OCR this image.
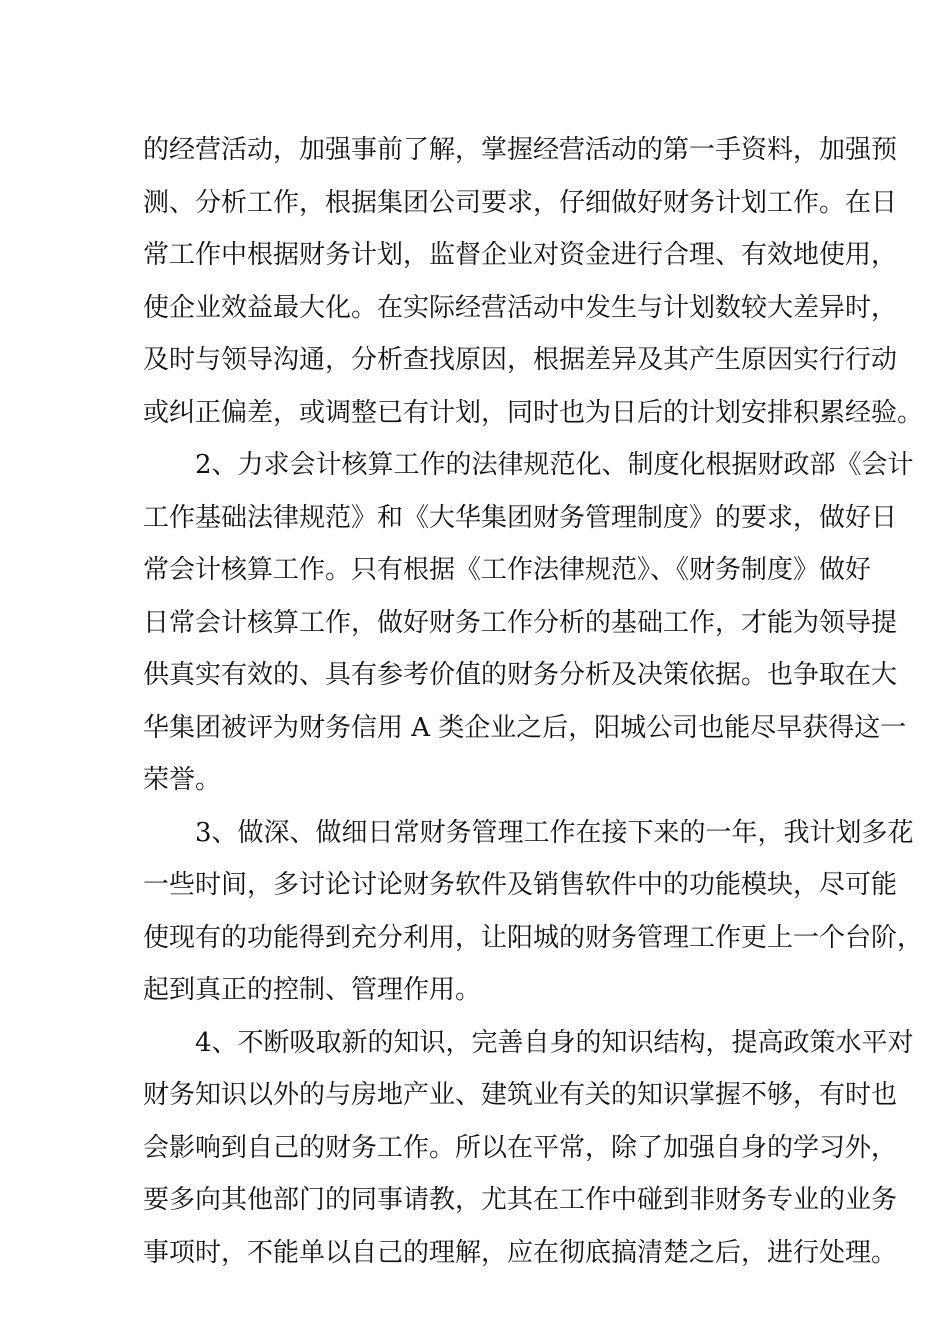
的经营活动，加强事前了解，掌握经营活动的第一手资料，加强预
测、分析工作，根据集团公司要求，仔细做好财务计划工作。在日
常工作中根据财务计划，监督企业对资金进行合理、有效地使用，
使企业效益最大化。在实际经营活动中发生与计划数较大差异时，
及时与领导沟通，分析查找原因，根据差异及其产生原因实行行动
或纠正偏差，或调整已有计划，同时也为日后的计划安排积累经验。
2、力求会计核算工作的法律规范化、制度化根据财政部《会计
工作基础法律规范》和《大华集团财务管理制度》的要求，做好日
常会计核算工作。只有根据《工作法律规范》、《财务制度》做好
日常会计核算工作，做好财务工作分析的基础工作，才能为领导提
供真实有效的、具有参考价值的财务分析及决策依据。也争取在大
华集团被评为财务信用 A 类企业之后，阳城公司也能尽早获得这一
荣誉。
3、做深、做细日常财务管理工作在接下来的一年，我计划多花
一些时间，多讨论讨论财务软件及销售软件中的功能模块，尽可能
使现有的功能得到充分利用，让阳城的财务管理工作更上一个台阶，
起到真正的控制、管理作用。
4、不断吸取新的知识，完善自身的知识结构，提高政策水平对
财务知识以外的与房地产业、建筑业有关的知识掌握不够，有时也
会影响到自己的财务工作。所以在平常，除了加强自身的学习外，
要多向其他部门的同事请教，尤其在工作中碰到非财务专业的业务
事项时，不能单以自己的理解，应在彻底搞清楚之后，进行处理。
